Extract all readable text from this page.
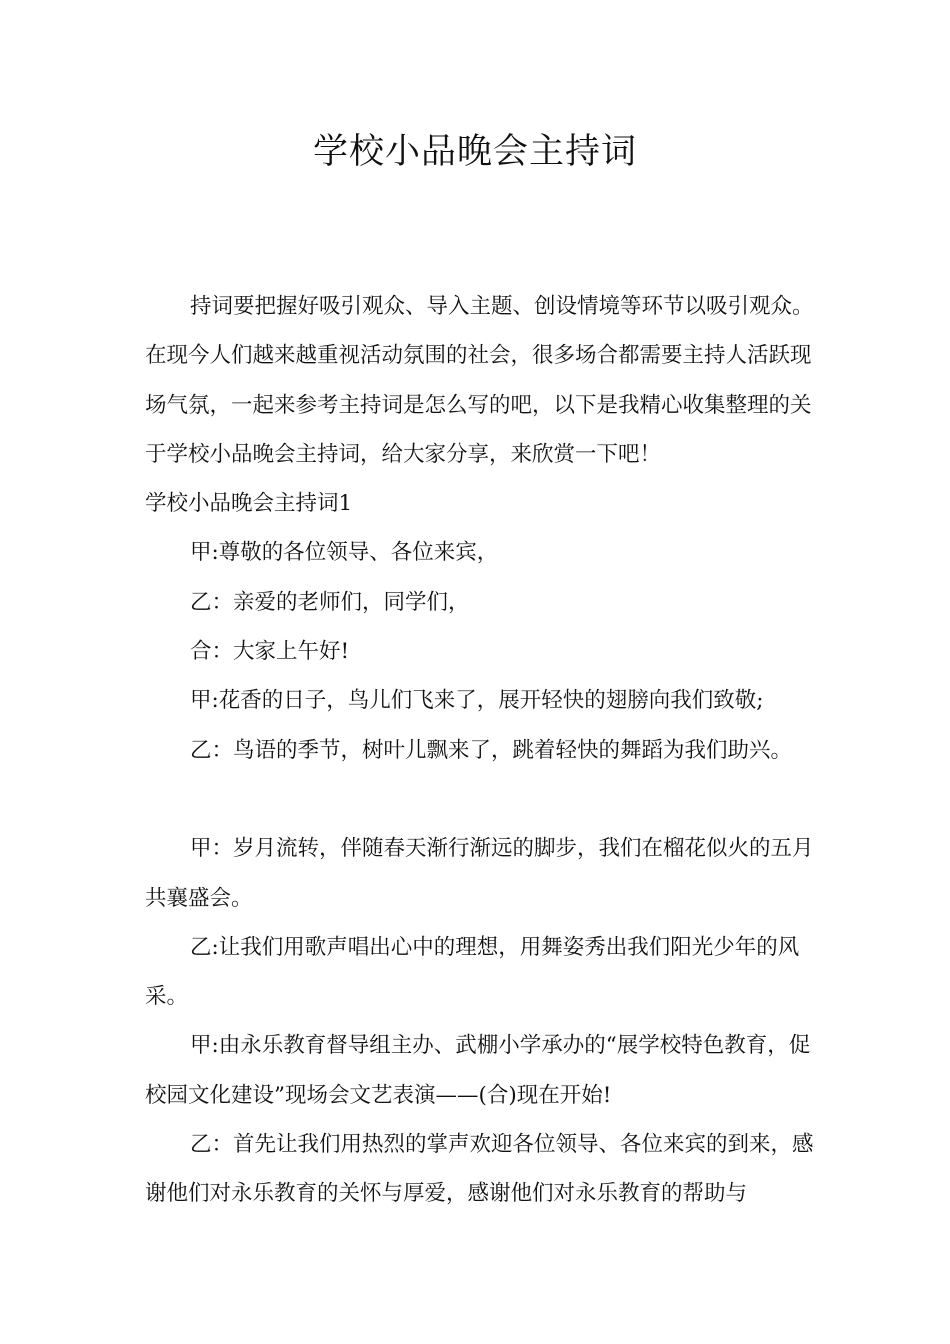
学校小品晚会主持词

持词要把握好吸引观众、导入主题、创设情境等环节以吸引观众。在现今人们越来越重视活动氛围的社会，很多场合都需要主持人活跃现场气氛，一起来参考主持词是怎么写的吧，以下是我精心收集整理的关于学校小品晚会主持词，给大家分享，来欣赏一下吧！

学校小品晚会主持词1

甲:尊敬的各位领导、各位来宾，

乙：亲爱的老师们，同学们，

合：大家上午好!

甲:花香的日子，鸟儿们飞来了，展开轻快的翅膀向我们致敬;

乙：鸟语的季节，树叶儿飘来了，跳着轻快的舞蹈为我们助兴。

甲：岁月流转，伴随春天渐行渐远的脚步，我们在榴花似火的五月共襄盛会。

乙:让我们用歌声唱出心中的理想，用舞姿秀出我们阳光少年的风采。

甲:由永乐教育督导组主办、武棚小学承办的“展学校特色教育，促校园文化建设”现场会文艺表演——(合)现在开始!

乙：首先让我们用热烈的掌声欢迎各位领导、各位来宾的到来，感谢他们对永乐教育的关怀与厚爱，感谢他们对永乐教育的帮助与
